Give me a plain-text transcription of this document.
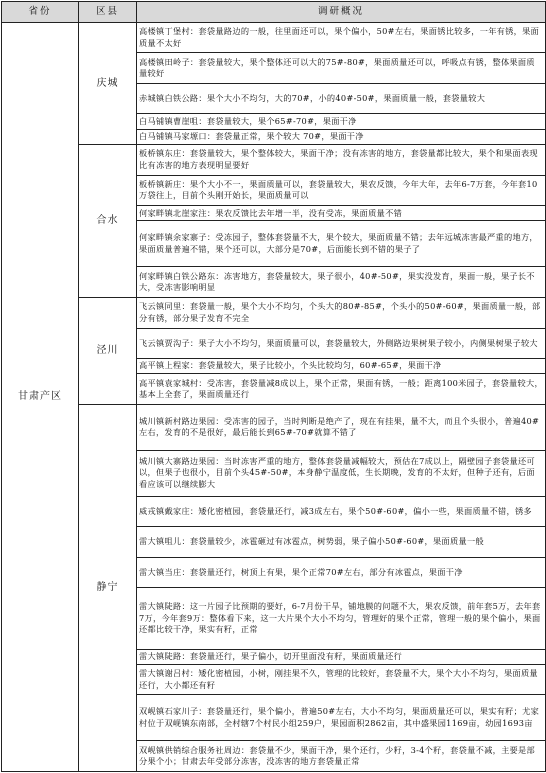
省份	区县	调研概况
甘肃产区	庆城	高楼镇丁堡村：套袋量路边的一般，往里面还可以，果个偏小，50#左右，果面锈比较多，一年有锈，果面质量不太好
		高楼镇田岭子：套袋量较大，果个整体还可以大的75#-80#，果面质量还可以，呼吸点有锈，整体果面质量较好
		赤城镇白铁公路：果个大小不均匀，大的70#，小的40#-50#，果面质量一般，套袋量较大
		白马铺镇曹崖咀：套袋量较大，果个65#-70#，果面干净
		白马铺镇马家塬口：套袋量正常，果个较大 70#，果面干净
	合水	板桥镇东庄：套袋量较大，果个整体较大，果面干净；没有冻害的地方，套袋量都比较大，果个和果面表现比有冻害的地方表现明显要好
		板桥镇新庄：果个大小不一，果面质量可以，套袋量较大，果农反馈，今年大年，去年6-7万套，今年套10万袋往上，目前个头刚开始长，果面质量可以
		何家畔镇北崖家注：果农反馈比去年增一半，没有受冻，果面质量不错
		何家畔镇余家寨子：受冻园子，整体套袋量不大，果个较大，果面质量不错；去年远城冻害最严重的地方，果面质量普遍不错，果个还可以，大部分是70#，后面能长到不错的果子了
		何家畔镇白铁公路东：冻害地方，套袋量较大，果子很小，40#-50#，果实没发育，果面一般，果子长不大，受冻害影响明显
	泾川	飞云镇同里：套袋量一般，果个大小不均匀，个头大的80#-85#，个头小的50#-60#，果面质量一般，部分有锈，部分果子发育不完全
		飞云镇贾沟子：果子大小不均匀，果面质量可以，套袋量较大，外侧路边果树果子较小，内侧果树果子较大
		高平镇上程家：套袋量较大，果子比较小，个头比较均匀，60#-65#，果面干净
		高平镇袁家城村：受冻害，套袋量减8成以上，果个正常，果面有锈，一般；距离100米园子，套袋量较大，基本上全套了，果面质量还行
	静宁	城川镇新村路边果园：受冻害的园子，当时判断是绝产了，现在有挂果，量不大，而且个头很小，普遍40#左右，发育的不是很好，最后能长到65#-70#就算不错了
		城川镇大寨路边果园：当时冻害严重的地方，整体套袋量减幅较大，预估在7成以上，隔壁园子套袋量还可以，但果子也很小，目前个头45#-50#，本身静宁温度低，生长期晚，发育的不太好，但种子还有，后面看应该可以继续膨大
		威戎镇戴家庄：矮化密植园，套袋量还行，减3成左右，果个50#-60#，偏小一些，果面质量不错，锈多
		雷大镇咀儿：套袋量较少，冰雹砸过有冰雹点，树势弱，果子偏小50#-60#，果面质量一般
		雷大镇当庄：套袋量还行，树顶上有果，果个正常70#左右，部分有冰雹点，果面干净
		雷大镇陡路：这一片园子比预期的要好，6-7月份干旱，铺地膜的问题不大，果农反馈，前年套5万，去年套7万，今年套9万：整体看下来，这一大片果个大小不均匀，管理好的果个正常，管理一般的果个偏小，果面还都比较干净，果实有籽，正常
		雷大镇陡路：套袋量还行，果子偏小，切开里面没有籽，果面质量还行
		雷大镇谢吕村：矮化密植园，小树，刚挂果不久，管理的比较好，套袋量不大，果个大小不均匀，果面质量还行，大小都还有籽
		双岘镇石家川子：套袋量还行，果个偏小，普遍50#左右，大小不均匀，果面质量还可以，果实有籽；尤家村位于双岘镇东南部，全村辖7个村民小组259户，果园面积2862亩，其中盛果园1169亩，幼园1693亩
		双岘镇供销综合服务社周边：套袋量不少，果面干净，果个还行，少籽，3-4个籽，套袋量不减，主要是部分果个小；甘肃去年受部分冻害，没冻害的地方套袋量正常
